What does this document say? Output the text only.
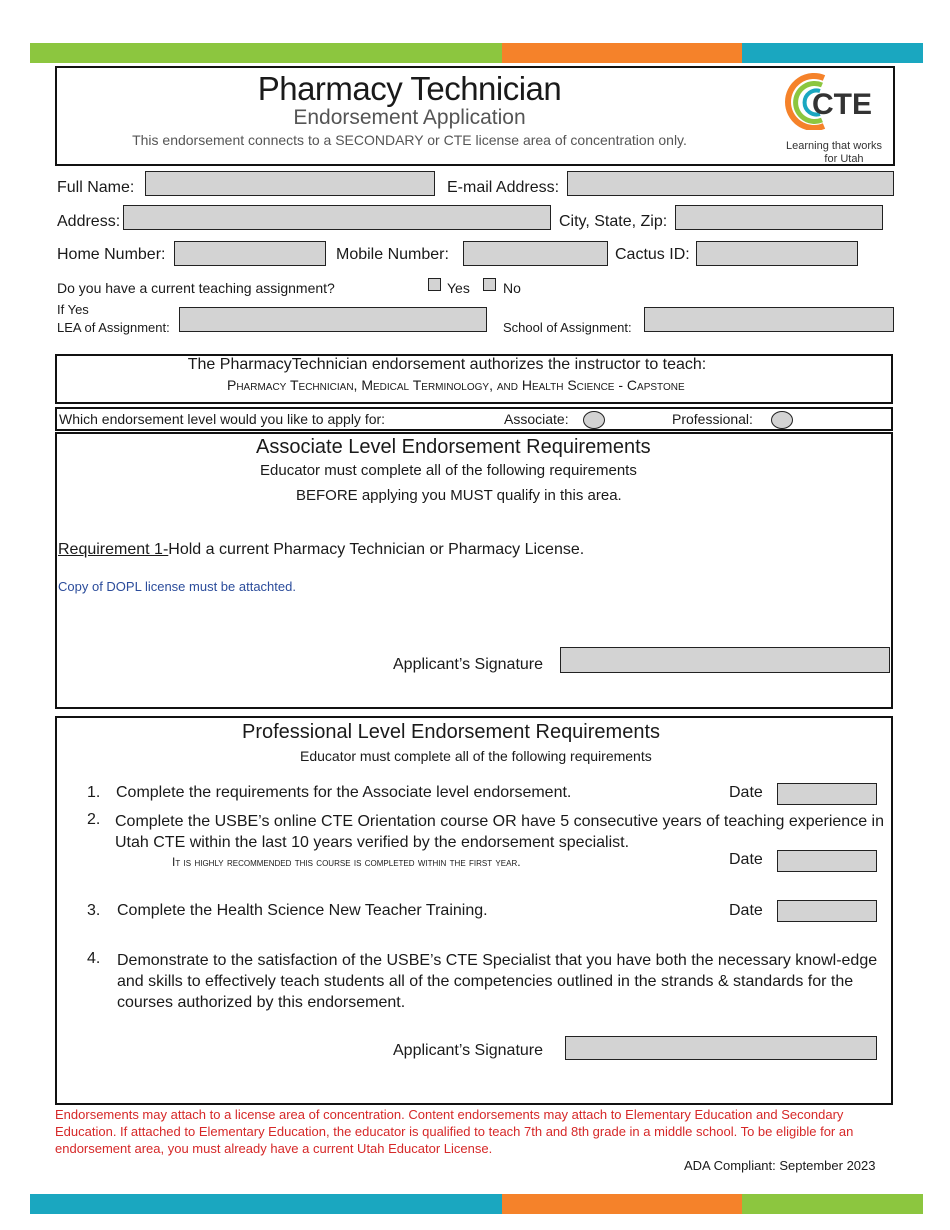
Pharmacy Technician
Endorsement Application
This endorsement connects to a SECONDARY or CTE license area of concentration only.
CTE
Learning that works
for Utah
Full Name:	E-mail Address:
Address:	City, State, Zip:
Home Number:	Mobile Number:	Cactus ID:
Do you have a current teaching assignment?	Yes No
If Yes
LEA of Assignment:	School of Assignment:
The PharmacyTechnician endorsement authorizes the instructor to teach:
Pharmacy Technician, Medical Terminology, and Health Science - Capstone
Which endorsement level would you like to apply for:	Associate:	Professional:
Associate Level Endorsement Requirements
Educator must complete all of the following requirements
BEFORE applying you MUST qualify in this area.
Requirement 1-Hold a current Pharmacy Technician or Pharmacy License.
Copy of DOPL license must be attachted.
Applicant’s Signature
Professional Level Endorsement Requirements
Educator must complete all of the following requirements
1. Complete the requirements for the Associate level endorsement.	Date
2. Complete the USBE’s online CTE Orientation course OR have 5 consecutive years of teaching experience in Utah CTE within the last 10 years verified by the endorsement specialist.
It is highly recommended this course is completed within the first year.	Date
3. Complete the Health Science New Teacher Training.	Date
4. Demonstrate to the satisfaction of the USBE’s CTE Specialist that you have both the necessary knowl-edge and skills to effectively teach students all of the competencies outlined in the strands & standards for the courses authorized by this endorsement.
Applicant’s Signature
Endorsements may attach to a license area of concentration. Content endorsements may attach to Elementary Education and Secondary Education. If attached to Elementary Education, the educator is qualified to teach 7th and 8th grade in a middle school. To be eligible for an endorsement area, you must already have a current Utah Educator License.
ADA Compliant: September 2023
